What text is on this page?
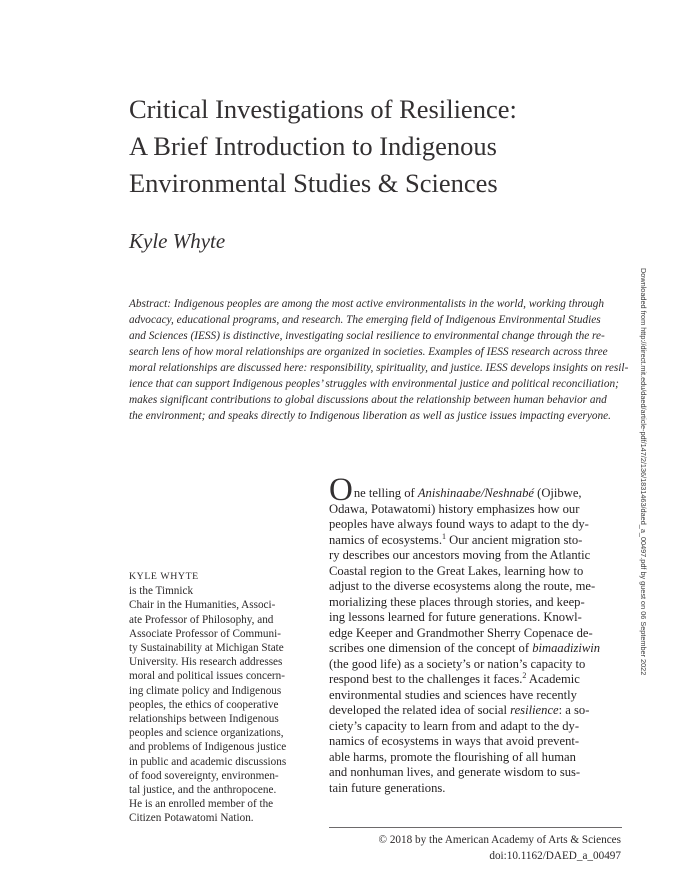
Critical Investigations of Resilience:
A Brief Introduction to Indigenous
Environmental Studies & Sciences
Kyle Whyte
Abstract: Indigenous peoples are among the most active environmentalists in the world, working through
advocacy, educational programs, and research. The emerging field of Indigenous Environmental Studies
and Sciences (IESS) is distinctive, investigating social resilience to environmental change through the re-
search lens of how moral relationships are organized in societies. Examples of IESS research across three
moral relationships are discussed here: responsibility, spirituality, and justice. IESS develops insights on resil-
ience that can support Indigenous peoples’ struggles with environmental justice and political reconciliation;
makes significant contributions to global discussions about the relationship between human behavior and
the environment; and speaks directly to Indigenous liberation as well as justice issues impacting everyone.
KYLE WHYTE
is the Timnick
Chair in the Humanities, Associ-
ate Professor of Philosophy, and
Associate Professor of Communi-
ty Sustainability at Michigan State
University. His research addresses
moral and political issues concern-
ing climate policy and Indigenous
peoples, the ethics of cooperative
relationships between Indigenous
peoples and science organizations,
and problems of Indigenous justice
in public and academic discussions
of food sovereignty, environmen-
tal justice, and the anthropocene.
He is an enrolled member of the
Citizen Potawatomi Nation.
One telling of Anishinaabe/Neshnabé (Ojibwe,
Odawa, Potawatomi) history emphasizes how our
peoples have always found ways to adapt to the dy-
namics of ecosystems.$^1$ Our ancient migration sto-
ry describes our ancestors moving from the Atlantic
Coastal region to the Great Lakes, learning how to
adjust to the diverse ecosystems along the route, me-
morializing these places through stories, and keep-
ing lessons learned for future generations. Knowl-
edge Keeper and Grandmother Sherry Copenace de-
scribes one dimension of the concept of bimaadiziwin
(the good life) as a society’s or nation’s capacity to
respond best to the challenges it faces.$^2$ Academic
environmental studies and sciences have recently
developed the related idea of social resilience: a so-
ciety’s capacity to learn from and adapt to the dy-
namics of ecosystems in ways that avoid prevent-
able harms, promote the flourishing of all human
and nonhuman lives, and generate wisdom to sus-
tain future generations.
© 2018 by the American Academy of Arts & Sciences
doi:10.1162/DAED_a_00497
Downloaded from http://direct.mit.edu/daed/article-pdf/147/2/136/1831463/daed_a_00497.pdf by guest on 06 September 2022
